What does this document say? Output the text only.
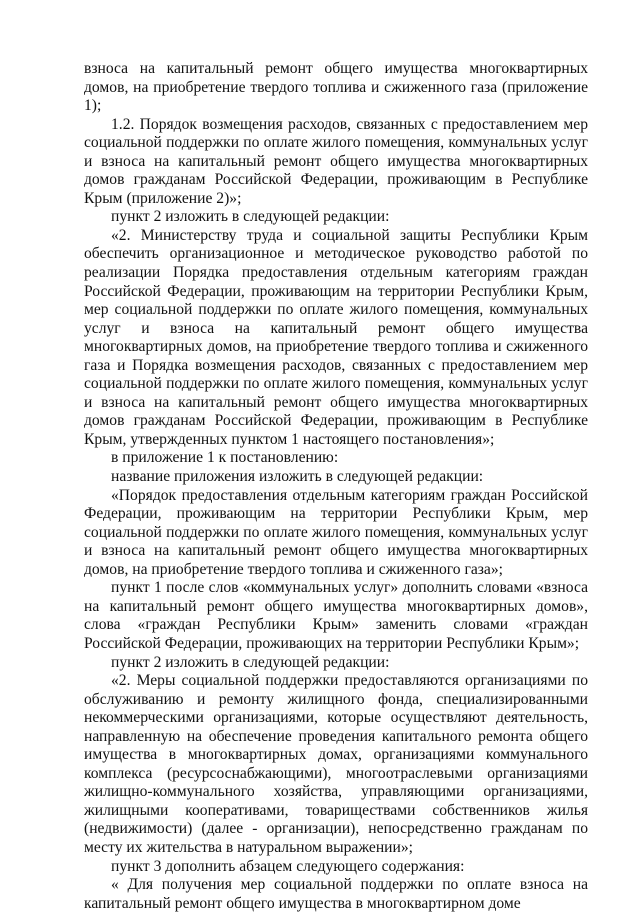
взноса на капитальный ремонт общего имущества многоквартирных домов, на приобретение твердого топлива и сжиженного газа (приложение 1);

1.2. Порядок возмещения расходов, связанных с предоставлением мер социальной поддержки по оплате жилого помещения, коммунальных услуг и взноса на капитальный ремонт общего имущества многоквартирных домов гражданам Российской Федерации, проживающим в Республике Крым (приложение 2)»;

пункт 2 изложить в следующей редакции:

«2. Министерству труда и социальной защиты Республики Крым обеспечить организационное и методическое руководство работой по реализации Порядка предоставления отдельным категориям граждан Российской Федерации, проживающим на территории Республики Крым, мер социальной поддержки по оплате жилого помещения, коммунальных услуг и взноса на капитальный ремонт общего имущества многоквартирных домов, на приобретение твердого топлива и сжиженного газа и Порядка возмещения расходов, связанных с предоставлением мер социальной поддержки по оплате жилого помещения, коммунальных услуг и взноса на капитальный ремонт общего имущества многоквартирных домов гражданам Российской Федерации, проживающим в Республике Крым, утвержденных пунктом 1 настоящего постановления»;

в приложение 1 к постановлению:

название приложения изложить в следующей редакции:

«Порядок предоставления отдельным категориям граждан Российской Федерации, проживающим на территории Республики Крым, мер социальной поддержки по оплате жилого помещения, коммунальных услуг и взноса на капитальный ремонт общего имущества многоквартирных домов, на приобретение твердого топлива и сжиженного газа»;

пункт 1 после слов «коммунальных услуг» дополнить словами «взноса на капитальный ремонт общего имущества многоквартирных домов», слова «граждан Республики Крым» заменить словами «граждан Российской Федерации, проживающих на территории Республики Крым»;

пункт 2 изложить в следующей редакции:

«2. Меры социальной поддержки предоставляются организациями по обслуживанию и ремонту жилищного фонда, специализированными некоммерческими организациями, которые осуществляют деятельность, направленную на обеспечение проведения капитального ремонта общего имущества в многоквартирных домах, организациями коммунального комплекса (ресурсоснабжающими), многоотраслевыми организациями жилищно-коммунального хозяйства, управляющими организациями, жилищными кооперативами, товариществами собственников жилья (недвижимости) (далее - организации), непосредственно гражданам по месту их жительства в натуральном выражении»;

пункт 3 дополнить абзацем следующего содержания:

« Для получения мер социальной поддержки по оплате взноса на капитальный ремонт общего имущества в многоквартирном доме
